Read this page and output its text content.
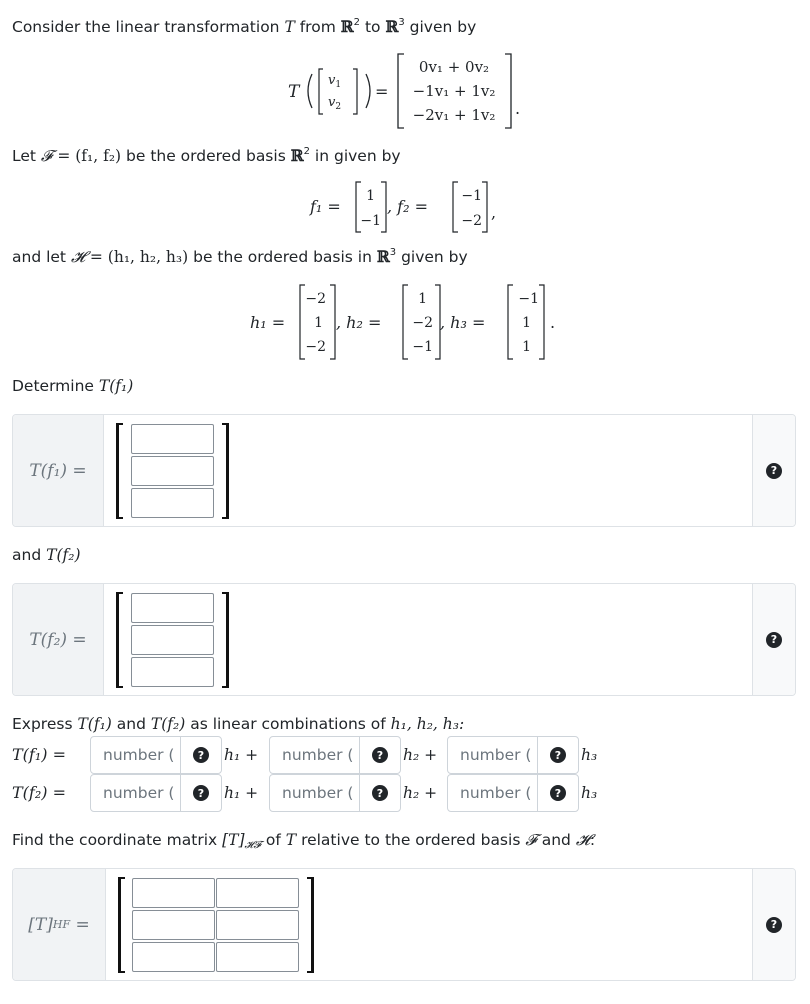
Consider the linear transformation T from ℝ$^2$ to ℝ$^3$ given by

T
$v_1$
$v_2$
=
0v₁ + 0v₂
−1v₁ + 1v₂
−2v₁ + 1v₂ .

Let 𝓕 = (f₁, f₂) be the ordered basis ℝ$^2$ in given by

f₁ =
1
−1
, f₂ =
−1
−2 ,

and let 𝓗 = (h₁, h₂, h₃) be the ordered basis in ℝ$^3$ given by

h₁ =
−2
1
−2
, h₂ =
1
−2
−1
, h₃ =
−1
1
1
.

Determine T(f₁)

T(f₁) =	?

and T(f₂)

T(f₂) =	?

Express T(f₁) and T(f₂) as linear combinations of h₁, h₂, h₃:

T(f₁) = number (	?	h₁ + number (	?	h₂ + number (	?	h₃
T(f₂) = number (	?	h₁ + number (	?	h₂ + number (	?	h₃

Find the coordinate matrix $[T]_{𝓗𝓕}$ of T relative to the ordered basis 𝓕 and 𝓗:

[T] HF
=	?
